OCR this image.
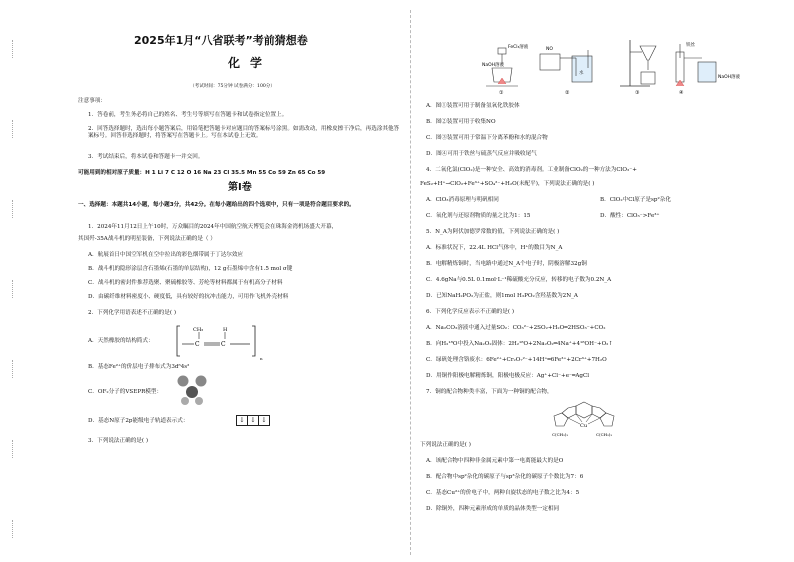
2025年1月“八省联考”考前猜想卷
化学
（考试时间：75分钟 试卷满分：100分）
注意事项：
1．答卷前，考生务必将自己的姓名、考生号等填写在答题卡和试卷指定位置上。
2．回答选择题时，选出每小题答案后，用铅笔把答题卡对应题目的答案标号涂黑。如需改动，用橡皮擦干净后，再选涂其他答案标号。回答非选择题时，将答案写在答题卡上。写在本试卷上无效。
3．考试结束后，将本试卷和答题卡一并交回。
可能用到的相对原子质量：H 1 Li 7 C 12 O 16 Na 23 Cl 35.5 Mn 55 Co 59 Zn 65 Co 59
第Ⅰ卷
一、选择题：本题共14小题，每小题3分，共42分。在每小题给出的四个选项中，只有一项是符合题目要求的。
1．2024年11月12日上午10时，万众瞩目的2024年中国航空航天博览会在珠海金湾机场盛大开幕，
其国歼-35A战斗机的明星装备，下列说法正确的是（ ）
A．航展首日中国空军机在空中拉出的彩色烟带属于丁达尔效应
B．战斗机的隐形涂层含石墨烯(石墨的单层结构)，12 g石墨烯中含有1.5 mol σ键
C．战斗机的密封件推荐选聚、聚硫橡胶等、芳纶等材料都属于有机高分子材料
D．由碳纤维材料密度小、硬度低，具有较好的抗冲击能力，可用作飞机外壳材料
2．下列化学用语表述不正确的是( )
A．天然橡胶的结构简式：	C	C
CH₃	H
n
B．基态Fe²⁺的价层电子排布式为3d⁶4s²
C．OF₂分子的VSEPR模型：
D．基态N原子2p能级电子轨道表示式：	↓ ↓ ↓
3．下列说法正确的是( )
FeCl₃溶液
NaOH溶液
①
NO
水
②	③
铁丝
NaOH溶液
④
A．图①装置可用于制备氢氧化铁胶体
B．图②装置可用于收集NO
C．图③装置可用于常温下分离苯酚和水的混合物
D．图④可用于铁丝与硫蒸气反应并吸收尾气
4．二氧化氯(ClO₂)是一种安全、高效的消毒剂。工业制备ClO₂的一种方法为ClO₃⁻+
FeS₂+H⁺→ClO₂+Fe³⁺+SO₄²⁻+H₂O(未配平)，下列说法正确的是( )
A．ClO₃消毒原理与明矾相同	B．ClO₂中Cl原子是sp²杂化
C．氧化剂与还原剂物质的量之比为1：15	D．酸性：ClO₃⁻>Fe³⁺
5．N_A为阿伏加德罗常数的值，下列说法正确的是( )
A．标准状况下，22.4L HCl气体中，H⁺的数目为N_A
B．电解精炼铜时，当电路中通过N_A个电子时，阴极溶解32g铜
C．4.6gNa与0.5L 0.1mol·L⁻¹稀硫酸充分反应，转移的电子数为0.2N_A
D．已知NaH₂PO₂为正盐，则1mol H₃PO₂含羟基数为2N_A
6．下列化学反应表示不正确的是( )
A．Na₂CO₃溶液中通入过量SO₂：CO₃²⁻+2SO₂+H₂O═2HSO₃⁻+CO₂
B．向H₂¹⁸O中投入Na₂O₂固体：2H₂¹⁸O+2Na₂O₂═4Na⁺+4¹⁸OH⁻+O₂↑
C．绿矾处理含铬废水：6Fe²⁺+Cr₂O₇²⁻+14H⁺═6Fe³⁺+2Cr³⁺+7H₂O
D．用铜作阳极电解精炼铜，阳极电极反应：Ag⁺+Cl⁻+e⁻═AgCl
7．铜的配合物种类丰富，下面为一种铜的配合物，
Cu
C(CH₃)₃	C(CH₃)₃
下列说法正确的是( )
A．该配合物中四种非金属元素中第一电离能最大的是O
B．配合物中sp²杂化的碳原子与sp³杂化的碳原子个数比为7：6
C．基态Cu²⁺的价电子中，两种自旋状态的电子数之比为4：5
D．除铜外，四种元素形成的单质的晶体类型一定相同
